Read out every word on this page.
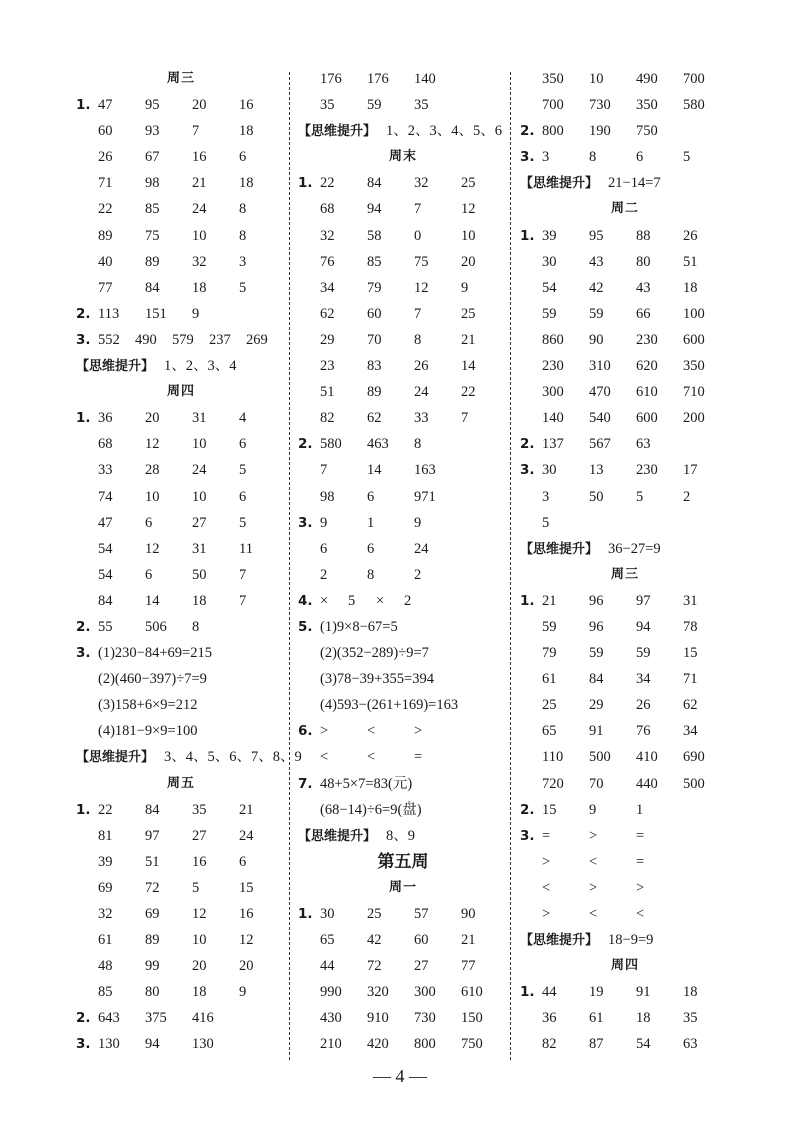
周三
1. 47 95 20 16
60 93 7	18
26 67 16 6
71 98 21 18
22 85 24 8
89 75 10 8
40 89 32 3
77 84 18 5
2. 113 151 9
3. 552 490 579 237 269
【思维提升】 1、2、3、4
周四
1. 36 20 31 4
68 12 10 6
33 28 24 5
74 10 10 6
47 6	27 5
54 12 31 11
54 6	50 7
84 14 18 7
2. 55 506 8
3. (1)230−84+69=215
(2)(460−397)÷7=9
(3)158+6×9=212
(4)181−9×9=100
【思维提升】 3、4、5、6、7、8、9
周五
1. 22 84 35 21
81 97 27 24
39 51 16 6
69 72 5	15
32 69 12 16
61 89 10 12
48 99 20 20
85 80 18 9
2. 643 375 416
3. 130 94 130
176 176 140
35 59 35
【思维提升】 1、2、3、4、5、6
周末
1. 22 84 32 25
68 94 7	12
32 58 0	10
76 85 75 20
34 79 12 9
62 60 7	25
29 70 8	21
23 83 26 14
51 89 24 22
82 62 33 7
2. 580 463 8
7	14 163
98 6	971
3. 9	1	9
6	6	24
2	8	2
4. × 5 × 2
5. (1)9×8−67=5
(2)(352−289)÷9=7
(3)78−39+355=394
(4)593−(261+169)=163
6. >	<	>
<	<	=
7. 48+5×7=83(元)
(68−14)÷6=9(盘)
【思维提升】 8、9
第五周
周一
1. 30 25 57 90
65 42 60 21
44 72 27 77
990 320 300 610
430 910 730 150
210 420 800 750
350 10 490 700
700 730 350 580
2. 800 190 750
3. 3	8	6	5
【思维提升】 21−14=7
周二
1. 39 95 88 26
30 43 80 51
54 42 43 18
59 59 66 100
860 90 230 600
230 310 620 350
300 470 610 710
140 540 600 200
2. 137 567 63
3. 30 13 230 17
3	50 5	2
5
【思维提升】 36−27=9
周三
1. 21 96 97 31
59 96 94 78
79 59 59 15
61 84 34 71
25 29 26 62
65 91 76 34
110 500 410 690
720 70 440 500
2. 15 9	1
3. =	>	=
>	<	=
<	>	>
>	<	<
【思维提升】 18−9=9
周四
1. 44 19 91 18
36 61 18 35
82 87 54 63
— 4 —
